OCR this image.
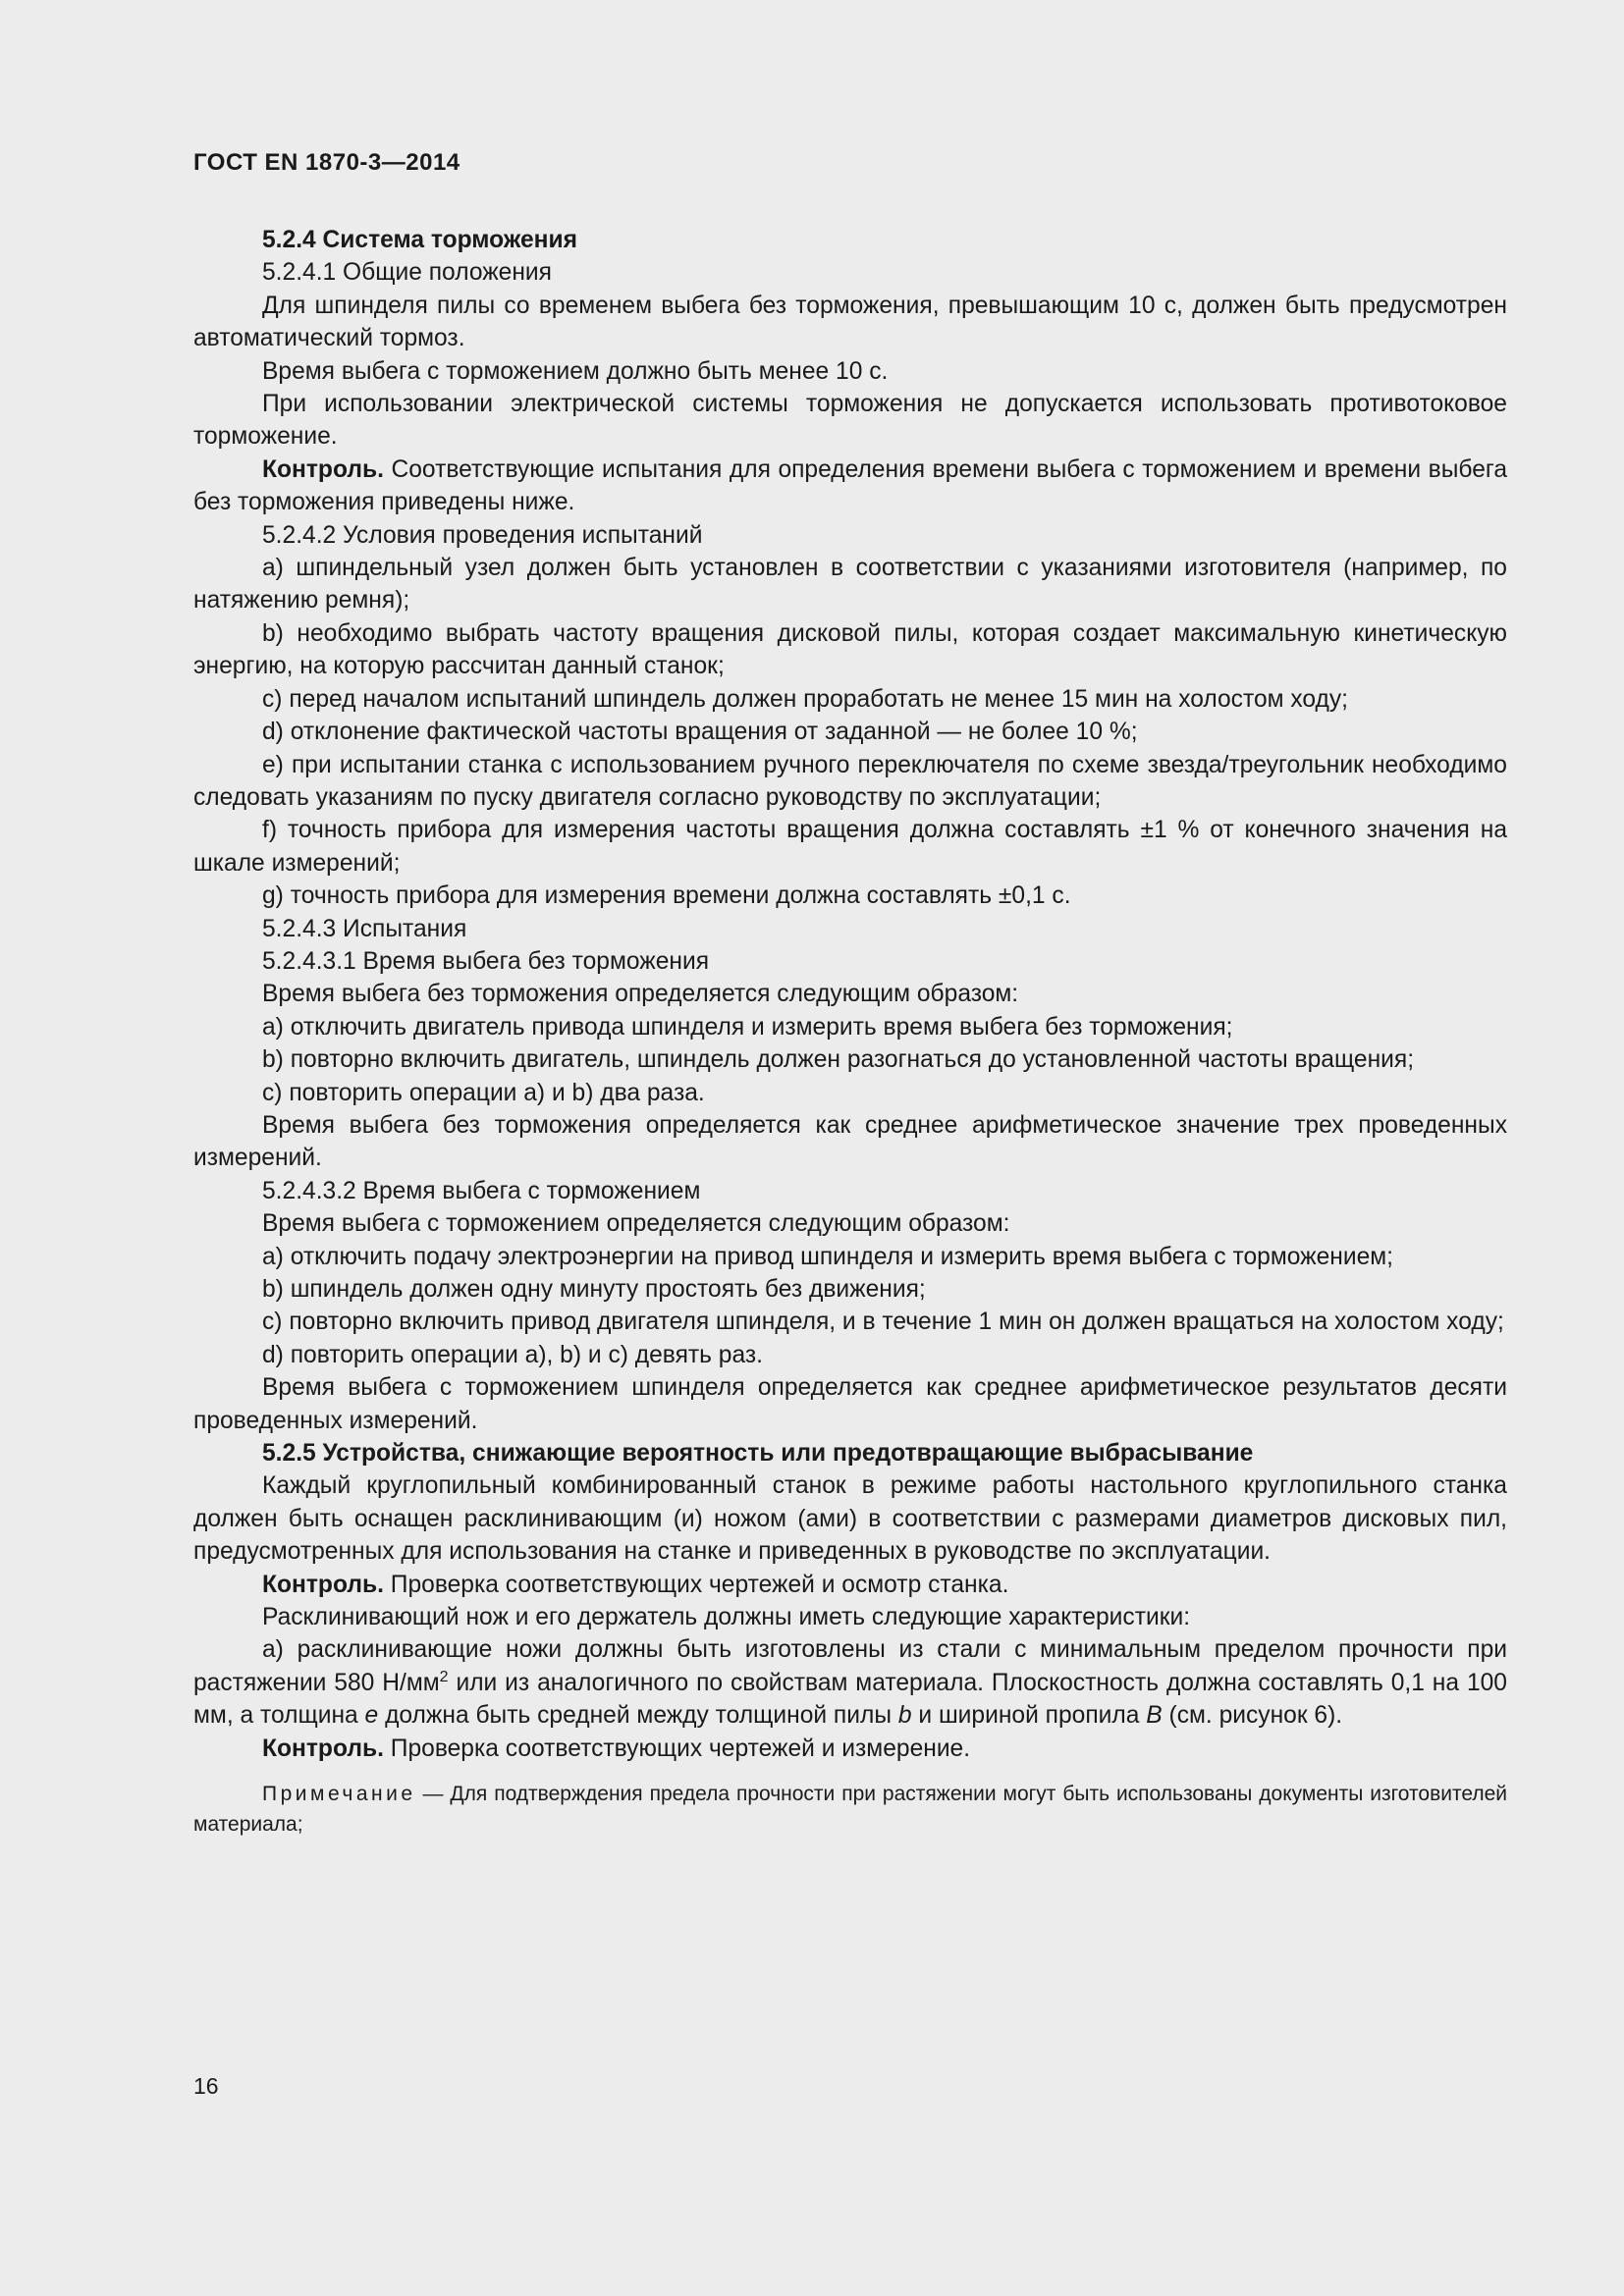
ГОСТ EN 1870-3—2014

5.2.4 Система торможения

5.2.4.1 Общие положения

Для шпинделя пилы со временем выбега без торможения, превышающим 10 с, должен быть предусмотрен автоматический тормоз.

Время выбега с торможением должно быть менее 10 с.

При использовании электрической системы торможения не допускается использовать противотоковое торможение.

Контроль. Соответствующие испытания для определения времени выбега с торможением и времени выбега без торможения приведены ниже.

5.2.4.2 Условия проведения испытаний

a) шпиндельный узел должен быть установлен в соответствии с указаниями изготовителя (например, по натяжению ремня);

b) необходимо выбрать частоту вращения дисковой пилы, которая создает максимальную кинетическую энергию, на которую рассчитан данный станок;

c) перед началом испытаний шпиндель должен проработать не менее 15 мин на холостом ходу;

d) отклонение фактической частоты вращения от заданной — не более 10 %;

e) при испытании станка с использованием ручного переключателя по схеме звезда/треугольник необходимо следовать указаниям по пуску двигателя согласно руководству по эксплуатации;

f) точность прибора для измерения частоты вращения должна составлять ±1 % от конечного значения на шкале измерений;

g) точность прибора для измерения времени должна составлять ±0,1 с.

5.2.4.3 Испытания

5.2.4.3.1 Время выбега без торможения

Время выбега без торможения определяется следующим образом:

a) отключить двигатель привода шпинделя и измерить время выбега без торможения;

b) повторно включить двигатель, шпиндель должен разогнаться до установленной частоты вращения;

c) повторить операции a) и b) два раза.

Время выбега без торможения определяется как среднее арифметическое значение трех проведенных измерений.

5.2.4.3.2 Время выбега с торможением

Время выбега с торможением определяется следующим образом:

a) отключить подачу электроэнергии на привод шпинделя и измерить время выбега с торможением;

b) шпиндель должен одну минуту простоять без движения;

c) повторно включить привод двигателя шпинделя, и в течение 1 мин он должен вращаться на холостом ходу;

d) повторить операции a), b) и c) девять раз.

Время выбега с торможением шпинделя определяется как среднее арифметическое результатов десяти проведенных измерений.

5.2.5 Устройства, снижающие вероятность или предотвращающие выбрасывание

Каждый круглопильный комбинированный станок в режиме работы настольного круглопильного станка должен быть оснащен расклинивающим (и) ножом (ами) в соответствии с размерами диаметров дисковых пил, предусмотренных для использования на станке и приведенных в руководстве по эксплуатации.

Контроль. Проверка соответствующих чертежей и осмотр станка.

Расклинивающий нож и его держатель должны иметь следующие характеристики:

a) расклинивающие ножи должны быть изготовлены из стали с минимальным пределом прочности при растяжении 580 $Н/мм^2$ или из аналогичного по свойствам материала. Плоскостность должна составлять 0,1 на 100 мм, а толщина e должна быть средней между толщиной пилы b и шириной пропила B (см. рисунок 6).

Контроль. Проверка соответствующих чертежей и измерение.

Примечание — Для подтверждения предела прочности при растяжении могут быть использованы документы изготовителей материала;

16
